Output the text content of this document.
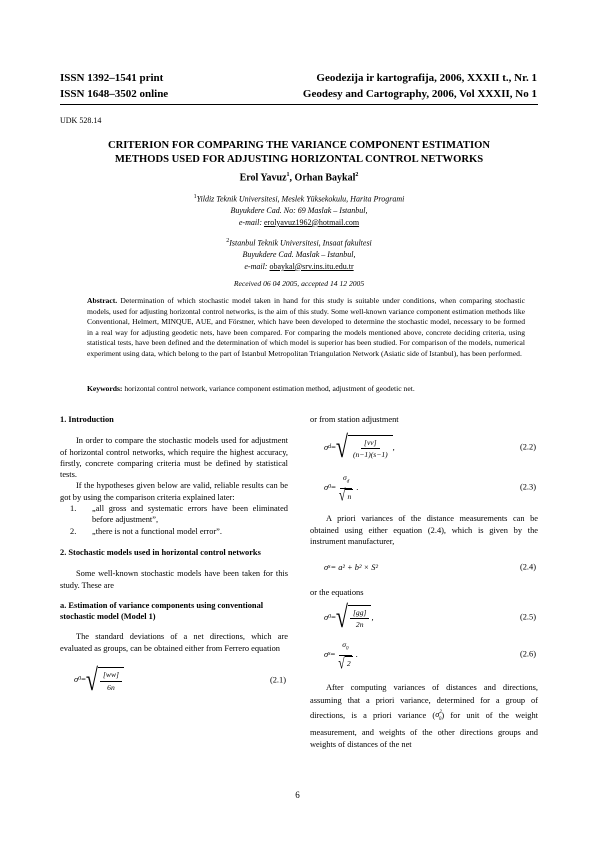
ISSN 1392–1541 print
ISSN 1648–3502 online
Geodezija ir kartografija, 2006, XXXII t., Nr. 1
Geodesy and Cartography, 2006, Vol XXXII, No 1
UDK 528.14
CRITERION FOR COMPARING THE VARIANCE COMPONENT ESTIMATION
METHODS USED FOR ADJUSTING HORIZONTAL CONTROL NETWORKS
Erol Yavuz$^1$, Orhan Baykal$^2$
$^1$Yildiz Teknik Universitesi, Meslek Yüksekokulu, Harita Programi
Buyukdere Cad. No: 69 Maslak – Istanbul,
e-mail: erolyavuz1962@hotmail.com
$^2$Istanbul Teknik Universitesi, Insaat fakultesi
Buyukdere Cad. Maslak – Istanbul,
e-mail: obaykal@srv.ins.itu.edu.tr
Received 06 04 2005, accepted 14 12 2005
Abstract. Determination of which stochastic model taken in hand for this study is suitable under conditions, when comparing stochastic models, used for adjusting horizontal control networks, is the aim of this study. Some well-known variance component estimation methods like Conventional, Helmert, MINQUE, AUE, and Förstner, which have been developed to determine the stochastic model, necessary to be formed in a real way for adjusting geodetic nets, have been compared. For comparing the models mentioned above, concrete deciding criteria, using statistical tests, have been defined and the determination of which model is superior has been studied. For comparison of the models, numerical experiment using data, which belong to the part of Istanbul Metropolitan Triangulation Network (Asiatic side of Istanbul), has been performed.
Keywords: horizontal control network, variance component estimation method, adjustment of geodetic net.

1. Introduction

In order to compare the stochastic models used for adjustment of horizontal control networks, which require the highest accuracy, firstly, concrete comparing criteria must be defined by statistical tests.

If the hypotheses given below are valid, reliable results can be got by using the comparison criteria explained later:

1.	„all gross and systematic errors have been eliminated before adjustment”,
2.	„there is not a functional model error”.

2. Stochastic models used in horizontal control networks

Some well-known stochastic models have been taken for this study. These are

a. Estimation of variance components using conventional stochastic model (Model 1)

The standard deviations of a net directions, which are evaluated as groups, can be obtained either from Ferrero equation

σ 0 = √ $\frac{[ww]}{6n}$	(2.1)

or from station adjustment

σ d = √ $\frac{[vv]}{(n-1)(s-1)}$ ,	(2.2)
σ $0 = \frac{\sigma_d}{√ n}$ .	(2.3)

A priori variances of the distance measurements can be obtained using either equation (2.4), which is given by the instrument manufacturer,

σ s = a² + b² × S²	(2.4)

or the equations

σ 0 = √ $\frac{[gg]}{2n}$ ,	(2.5)
σ $s = \frac{\sigma_0}{√ 2}$ .	(2.6)

After computing variances of distances and directions, assuming that a priori variance, determined for a group of directions, is a priori variance $(\sigma^2_0)$ for unit of the weight measurement, and weights of the other directions groups and weights of distances of the net

6
